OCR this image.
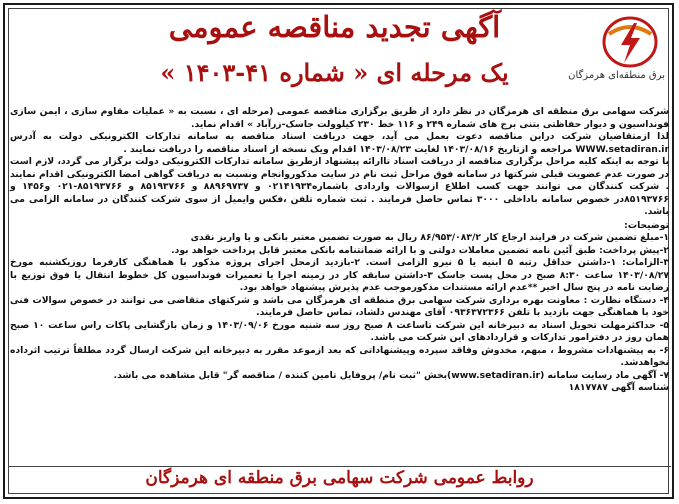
برق منطقه‌ای هرمزگان
آگهی تجدید مناقصه عمومی
یک مرحله ای « شماره ۴۱-۱۴۰۳ »

شرکت سهامی برق منطقه ای هرمزگان در نظر دارد از طریق برگزاری مناقصه عمومی (مرحله ای ، نسبت به « عملیات مقاوم سازی ، ایمن سازی فونداسیون و دیوار حفاظتی بتنی برج های شماره ۲۴۹ و ۱۱۶ خط ۲۳۰ کیلوولت جاسک-زرآباد » اقدام نماید.

لذا ازمتقاضیان شرکت دراین مناقصه دعوت بعمل می آید، جهت دریافت اسناد مناقصه به سامانه تدارکات الکترونیکی دولت به آدرس WWW.setadiran.ir مراجعه و ازتاریخ ۱۴۰۳/۰۸/۱۶ لغایت ۱۴۰۳/۰۸/۲۳ اقدام ویک نسخه از اسناد مناقصه را دریافت نمایند .

با توجه به اینکه کلیه مراحل برگزاری مناقصه از دریافت اسناد تاارائه پیشنهاد ازطریق سامانه تدارکات الکترونیکی دولت برگزار می گردد، لازم است در صورت عدم عضویت قبلی شرکتها در سامانه فوق مراحل ثبت نام در سایت مذکوروانجام ونسبت به دریافت گواهی امضا الکترونیکی اقدام نمایند . شرکت کنندگان می توانند جهت کسب اطلاع ازسوالات واردادی باشماره۰۲۱۴۱۹۳۴ و ۸۸۹۶۹۷۳۷ و ۸۵۱۹۳۷۶۶ و ۸۵۱۹۳۷۶۶-۰۲۱ و۱۴۵۶ و ۸۵۱۹۳۷۶۶در خصوص سامانه باداخلی ۳۰۰۰ تماس حاصل فرمایند . ثبت شماره تلفن ،فکس وایمیل از سوی شرکت کنندگان در سامانه الزامی می باشد.

توضیحات:

۱-مبلغ تضمین شرکت در فرایند ارجاع کار ۸۶/۹۵۳/۰۸۳/۲ ریال به صورت تضمین معتبر بانکی و یا واریز نقدی

۲-پیش پرداخت: طبق آئین نامه تضمین معاملات دولتی و با ارائه ضمانتنامه بانکی معتبر قابل پرداخت خواهد بود.

۳-الزامات: ۱-داشتن حداقل رتبه ۵ ابنیه یا ۵ نیرو الزامی است. ۲-بازدید ازمحل اجرای پروژه مذکور با هماهنگی کارفرما روزیکشنبه مورخ ۱۴۰۳/۰۸/۲۷ ساعت ۸:۳۰ صبح در محل پست جاسک ۳-داشتن سابقه کار در زمینه اجرا یا تعمیرات فونداسیون کل خطوط انتقال یا فوق توزیع با رضایت نامه در پنج سال اخیر **عدم ارائه مستندات مذکورموجب عدم پذیرش پیشنهاد خواهد بود.

۴- دستگاه نظارت : معاونت بهره برداری شرکت سهامی برق منطقه ای هرمزگان می باشد و شرکتهای متقاضی می توانند در خصوص سوالات فنی خود با هماهنگی جهت بازدید با تلفن ۰۹۳۶۳۷۲۳۶۶ آقای مهندس دلشاد، تماس حاصل فرمایند.

۵- حداکثرمهلت تحویل اسناد به دبیرخانه این شرکت تاساعت ۸ صبح روز سه شنبه مورخ ۱۴۰۳/۰۹/۰۶ و زمان بازگشایی پاکات راس ساعت ۱۰ صبح همان روز در دفترامور تدارکات و قراردادهای این شرکت می باشد.

۶- به پیشنهادات مشروط ، مبهم، مخدوش وفاقد سپرده وپیشنهاداتی که بعد ازموعد مقرر به دبیرخانه این شرکت ارسال گردد مطلقاً ترتیب اثرداده نخواهدشد.

۷- آگهی ماد رسایت سامانه (www.setadiran.ir)بخش "ثبت نام/ پروفایل تامین کننده / مناقصه گر" قابل مشاهده می باشد.

شناسه آگهی ۱۸۱۷۷۸۷

روابط عمومی شرکت سهامی برق منطقه ای هرمزگان
